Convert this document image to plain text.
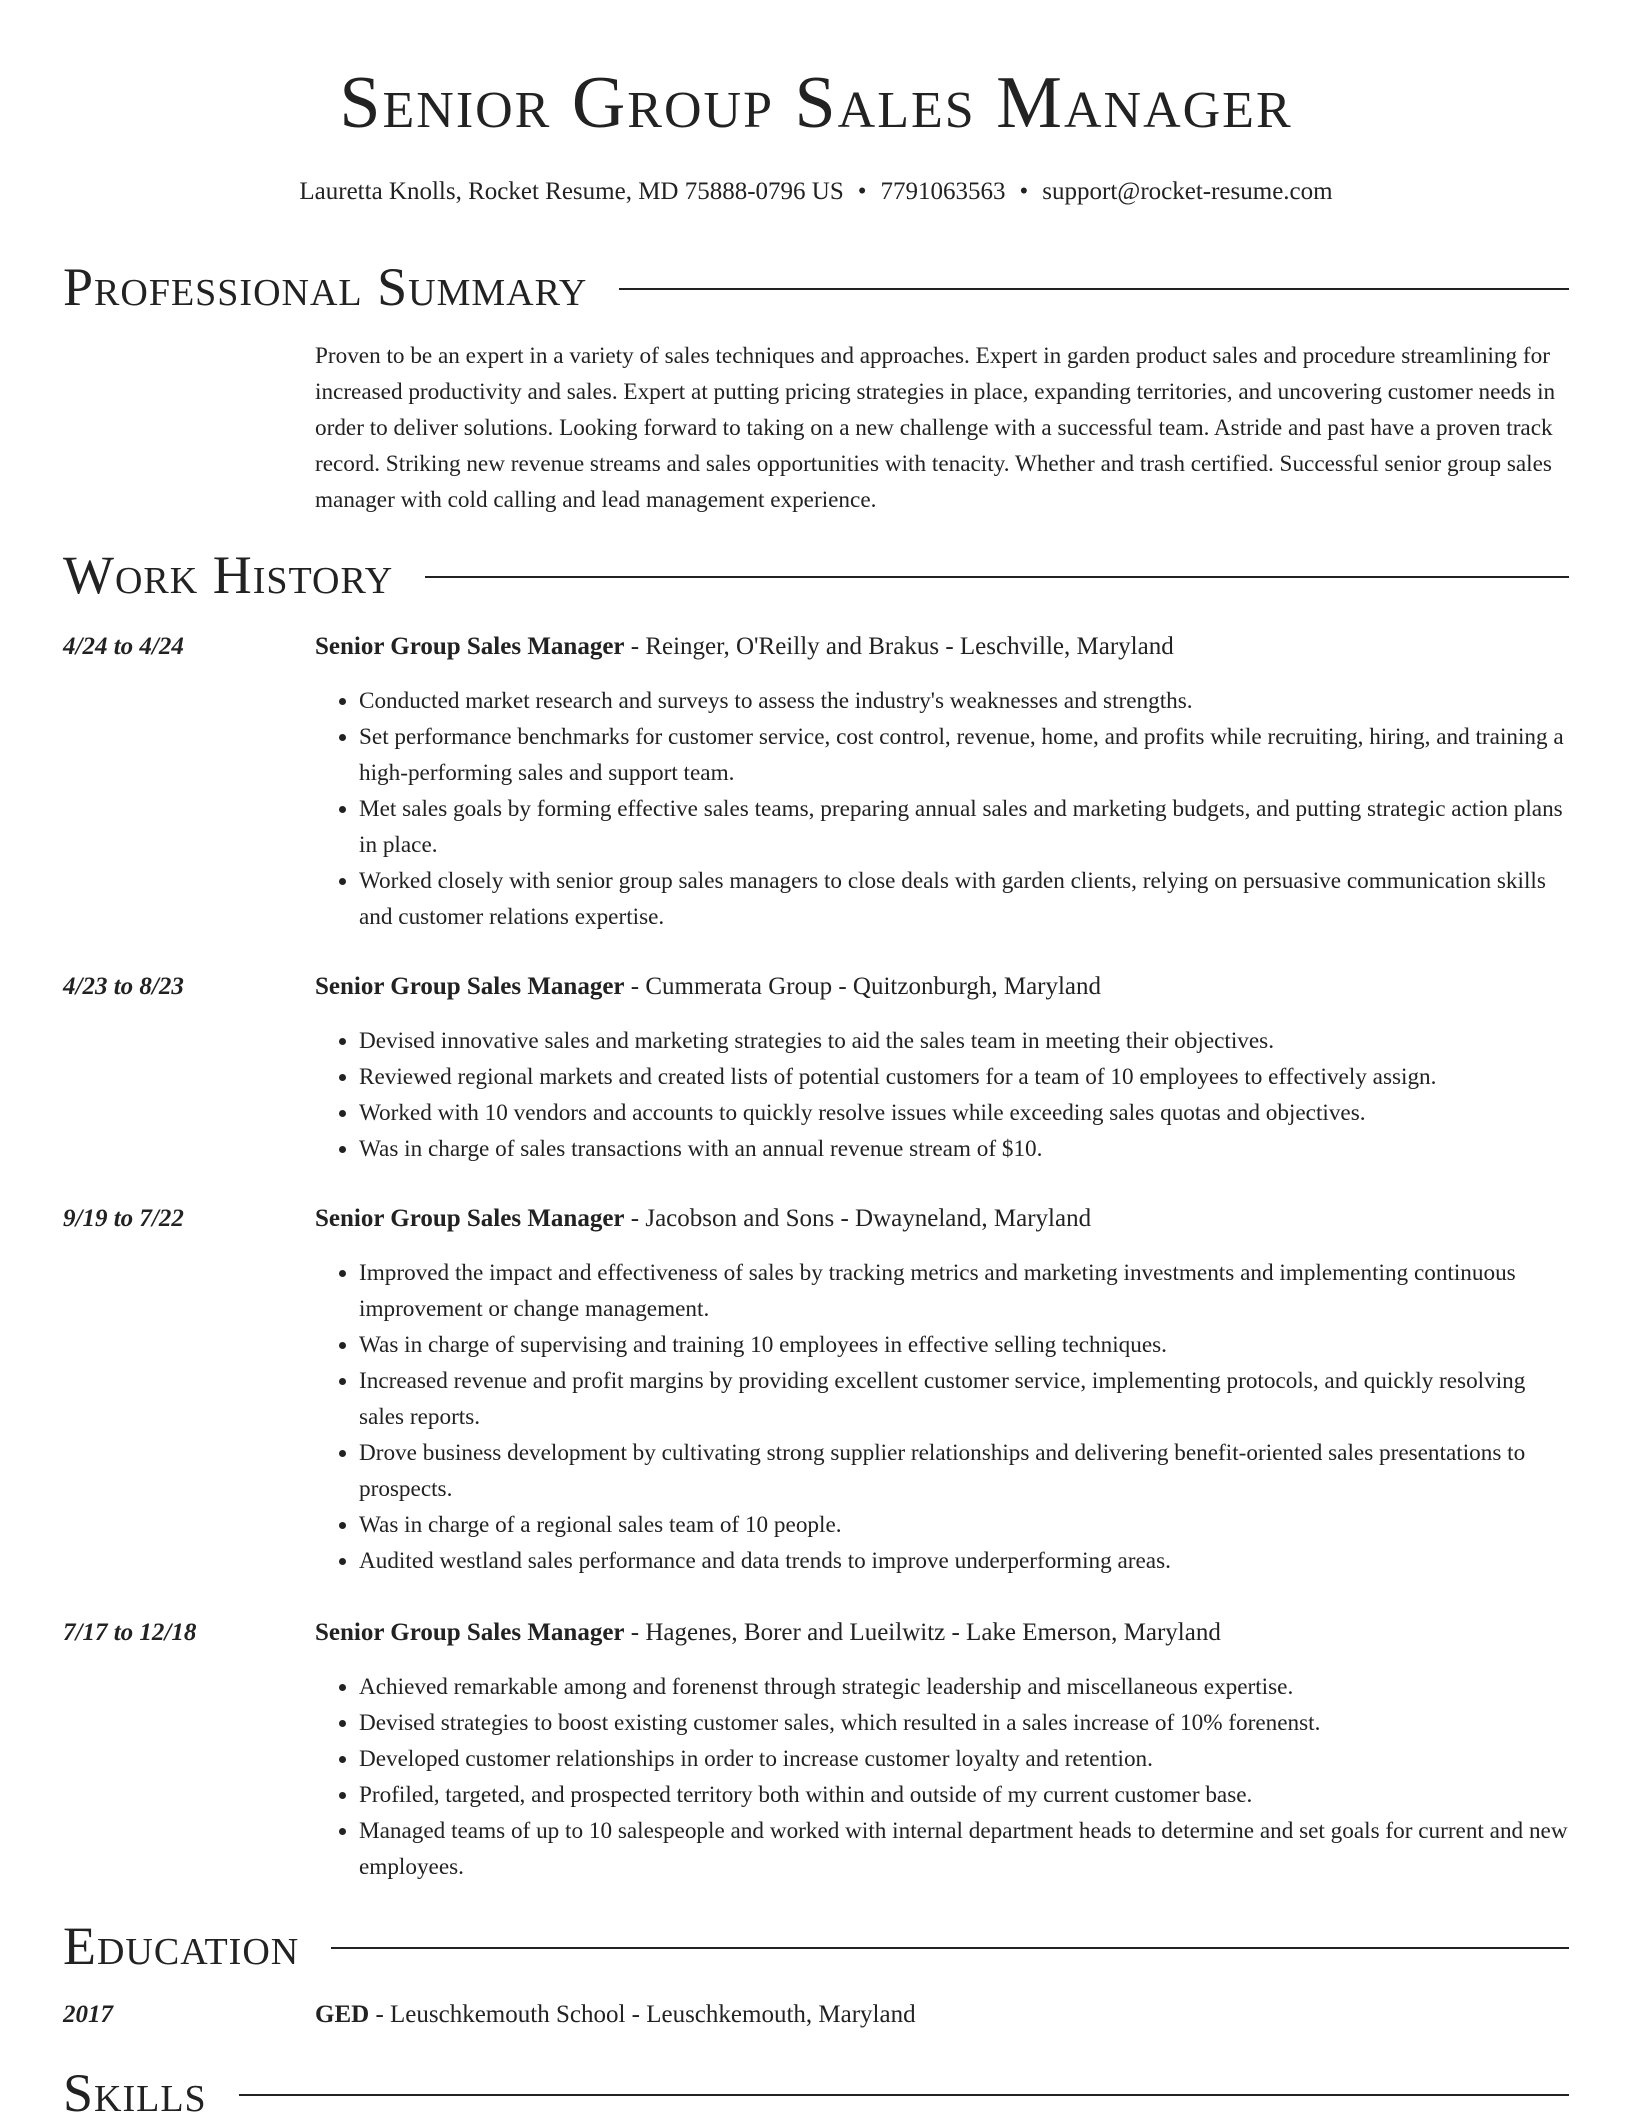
Senior Group Sales Manager
Lauretta Knolls, Rocket Resume, MD 75888-0796 US • 7791063563 • support@rocket-resume.com
Professional Summary

Proven to be an expert in a variety of sales techniques and approaches. Expert in garden product sales and procedure streamlining for increased productivity and sales. Expert at putting pricing strategies in place, expanding territories, and uncovering customer needs in order to deliver solutions. Looking forward to taking on a new challenge with a successful team. Astride and past have a proven track record. Striking new revenue streams and sales opportunities with tenacity. Whether and trash certified. Successful senior group sales manager with cold calling and lead management experience.

Work History
4/24 to 4/24	Senior Group Sales Manager - Reinger, O'Reilly and Brakus - Leschville, Maryland
• Conducted market research and surveys to assess the industry's weaknesses and strengths.
• Set performance benchmarks for customer service, cost control, revenue, home, and profits while recruiting, hiring, and training a high-performing sales and support team.
• Met sales goals by forming effective sales teams, preparing annual sales and marketing budgets, and putting strategic action plans in place.
• Worked closely with senior group sales managers to close deals with garden clients, relying on persuasive communication skills and customer relations expertise.
4/23 to 8/23	Senior Group Sales Manager - Cummerata Group - Quitzonburgh, Maryland
• Devised innovative sales and marketing strategies to aid the sales team in meeting their objectives.
• Reviewed regional markets and created lists of potential customers for a team of 10 employees to effectively assign.
• Worked with 10 vendors and accounts to quickly resolve issues while exceeding sales quotas and objectives.
• Was in charge of sales transactions with an annual revenue stream of $10.
9/19 to 7/22	Senior Group Sales Manager - Jacobson and Sons - Dwayneland, Maryland
• Improved the impact and effectiveness of sales by tracking metrics and marketing investments and implementing continuous improvement or change management.
• Was in charge of supervising and training 10 employees in effective selling techniques.
• Increased revenue and profit margins by providing excellent customer service, implementing protocols, and quickly resolving sales reports.
• Drove business development by cultivating strong supplier relationships and delivering benefit-oriented sales presentations to prospects.
• Was in charge of a regional sales team of 10 people.
• Audited westland sales performance and data trends to improve underperforming areas.
7/17 to 12/18	Senior Group Sales Manager - Hagenes, Borer and Lueilwitz - Lake Emerson, Maryland
• Achieved remarkable among and forenenst through strategic leadership and miscellaneous expertise.
• Devised strategies to boost existing customer sales, which resulted in a sales increase of 10% forenenst.
• Developed customer relationships in order to increase customer loyalty and retention.
• Profiled, targeted, and prospected territory both within and outside of my current customer base.
• Managed teams of up to 10 salespeople and worked with internal department heads to determine and set goals for current and new employees.
Education
2017	GED - Leuschkemouth School - Leuschkemouth, Maryland
Skills
